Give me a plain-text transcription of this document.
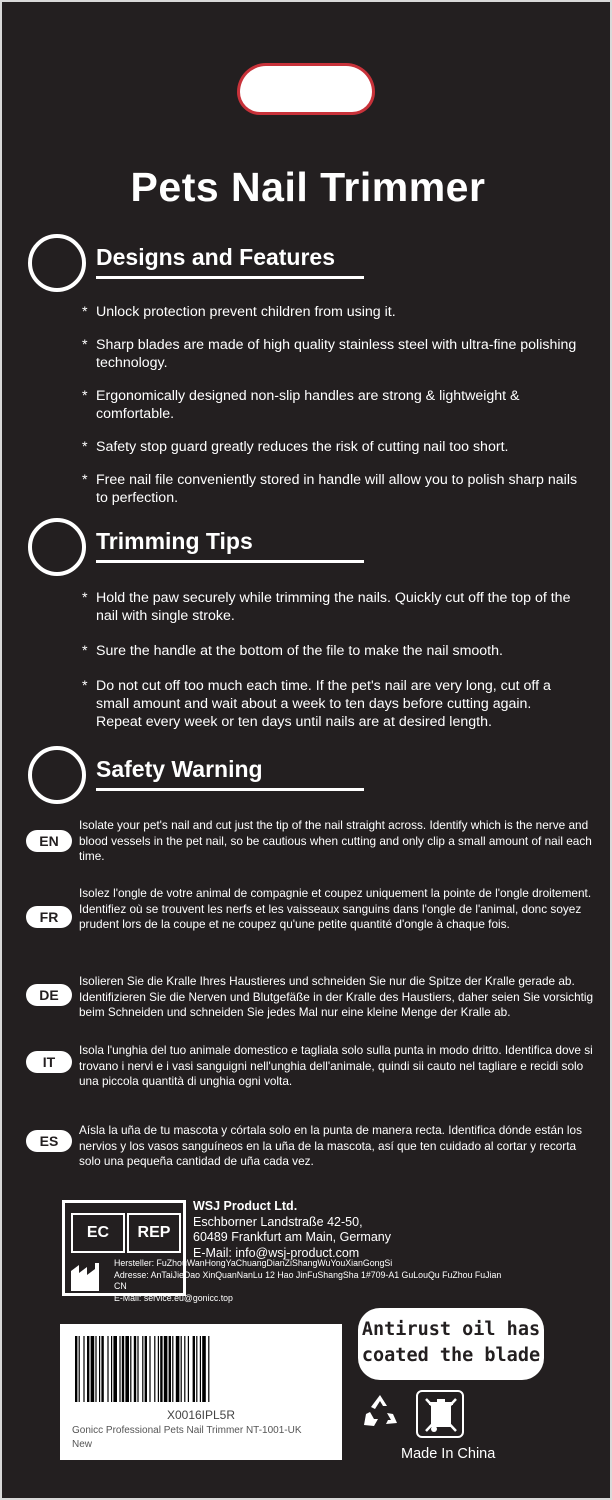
Pets Nail Trimmer
Designs and Features
* Unlock protection prevent children from using it.
* Sharp blades are made of high quality stainless steel with ultra-fine polishing technology.
* Ergonomically designed non-slip handles are strong & lightweight & comfortable.
* Safety stop guard greatly reduces the risk of cutting nail too short.
* Free nail file conveniently stored in handle will allow you to polish sharp nails to perfection.
Trimming Tips
* Hold the paw securely while trimming the nails. Quickly cut off the top of the nail with single stroke.
* Sure the handle at the bottom of the file to make the nail smooth.
* Do not cut off too much each time. If the pet's nail are very long, cut off a small amount and wait about a week to ten days before cutting again. Repeat every week or ten days until nails are at desired length.
Safety Warning
EN
Isolate your pet's nail and cut just the tip of the nail straight across. Identify which is the nerve and blood vessels in the pet nail, so be cautious when cutting and only clip a small amount of nail each time.
FR
Isolez l'ongle de votre animal de compagnie et coupez uniquement la pointe de l'ongle droitement. Identifiez où se trouvent les nerfs et les vaisseaux sanguins dans l'ongle de l'animal, donc soyez prudent lors de la coupe et ne coupez qu'une petite quantité d'ongle à chaque fois.
DE
Isolieren Sie die Kralle Ihres Haustieres und schneiden Sie nur die Spitze der Kralle gerade ab. Identifizieren Sie die Nerven und Blutgefäße in der Kralle des Haustiers, daher seien Sie vorsichtig beim Schneiden und schneiden Sie jedes Mal nur eine kleine Menge der Kralle ab.
IT
Isola l'unghia del tuo animale domestico e tagliala solo sulla punta in modo dritto. Identifica dove si trovano i nervi e i vasi sanguigni nell'unghia dell'animale, quindi sii cauto nel tagliare e recidi solo una piccola quantità di unghia ogni volta.
ES
Aísla la uña de tu mascota y córtala solo en la punta de manera recta. Identifica dónde están los nervios y los vasos sanguíneos en la uña de la mascota, así que ten cuidado al cortar y recorta solo una pequeña cantidad de uña cada vez.
EC	REP
WSJ Product Ltd.
Eschborner Landstraße 42-50,
60489 Frankfurt am Main, Germany
E-Mail: info@wsj-product.com
Hersteller: FuZhouWanHongYaChuangDianZiShangWuYouXianGongSi
Adresse: AnTaiJieDao XinQuanNanLu 12 Hao JinFuShangSha 1#709-A1 GuLouQu FuZhou FuJian CN
E-Mail: service.eu@gonicc.top
X0016IPL5R
Gonicc Professional Pets Nail Trimmer NT-1001-UK
New
Antirust oil has
coated the blade
Made In China
